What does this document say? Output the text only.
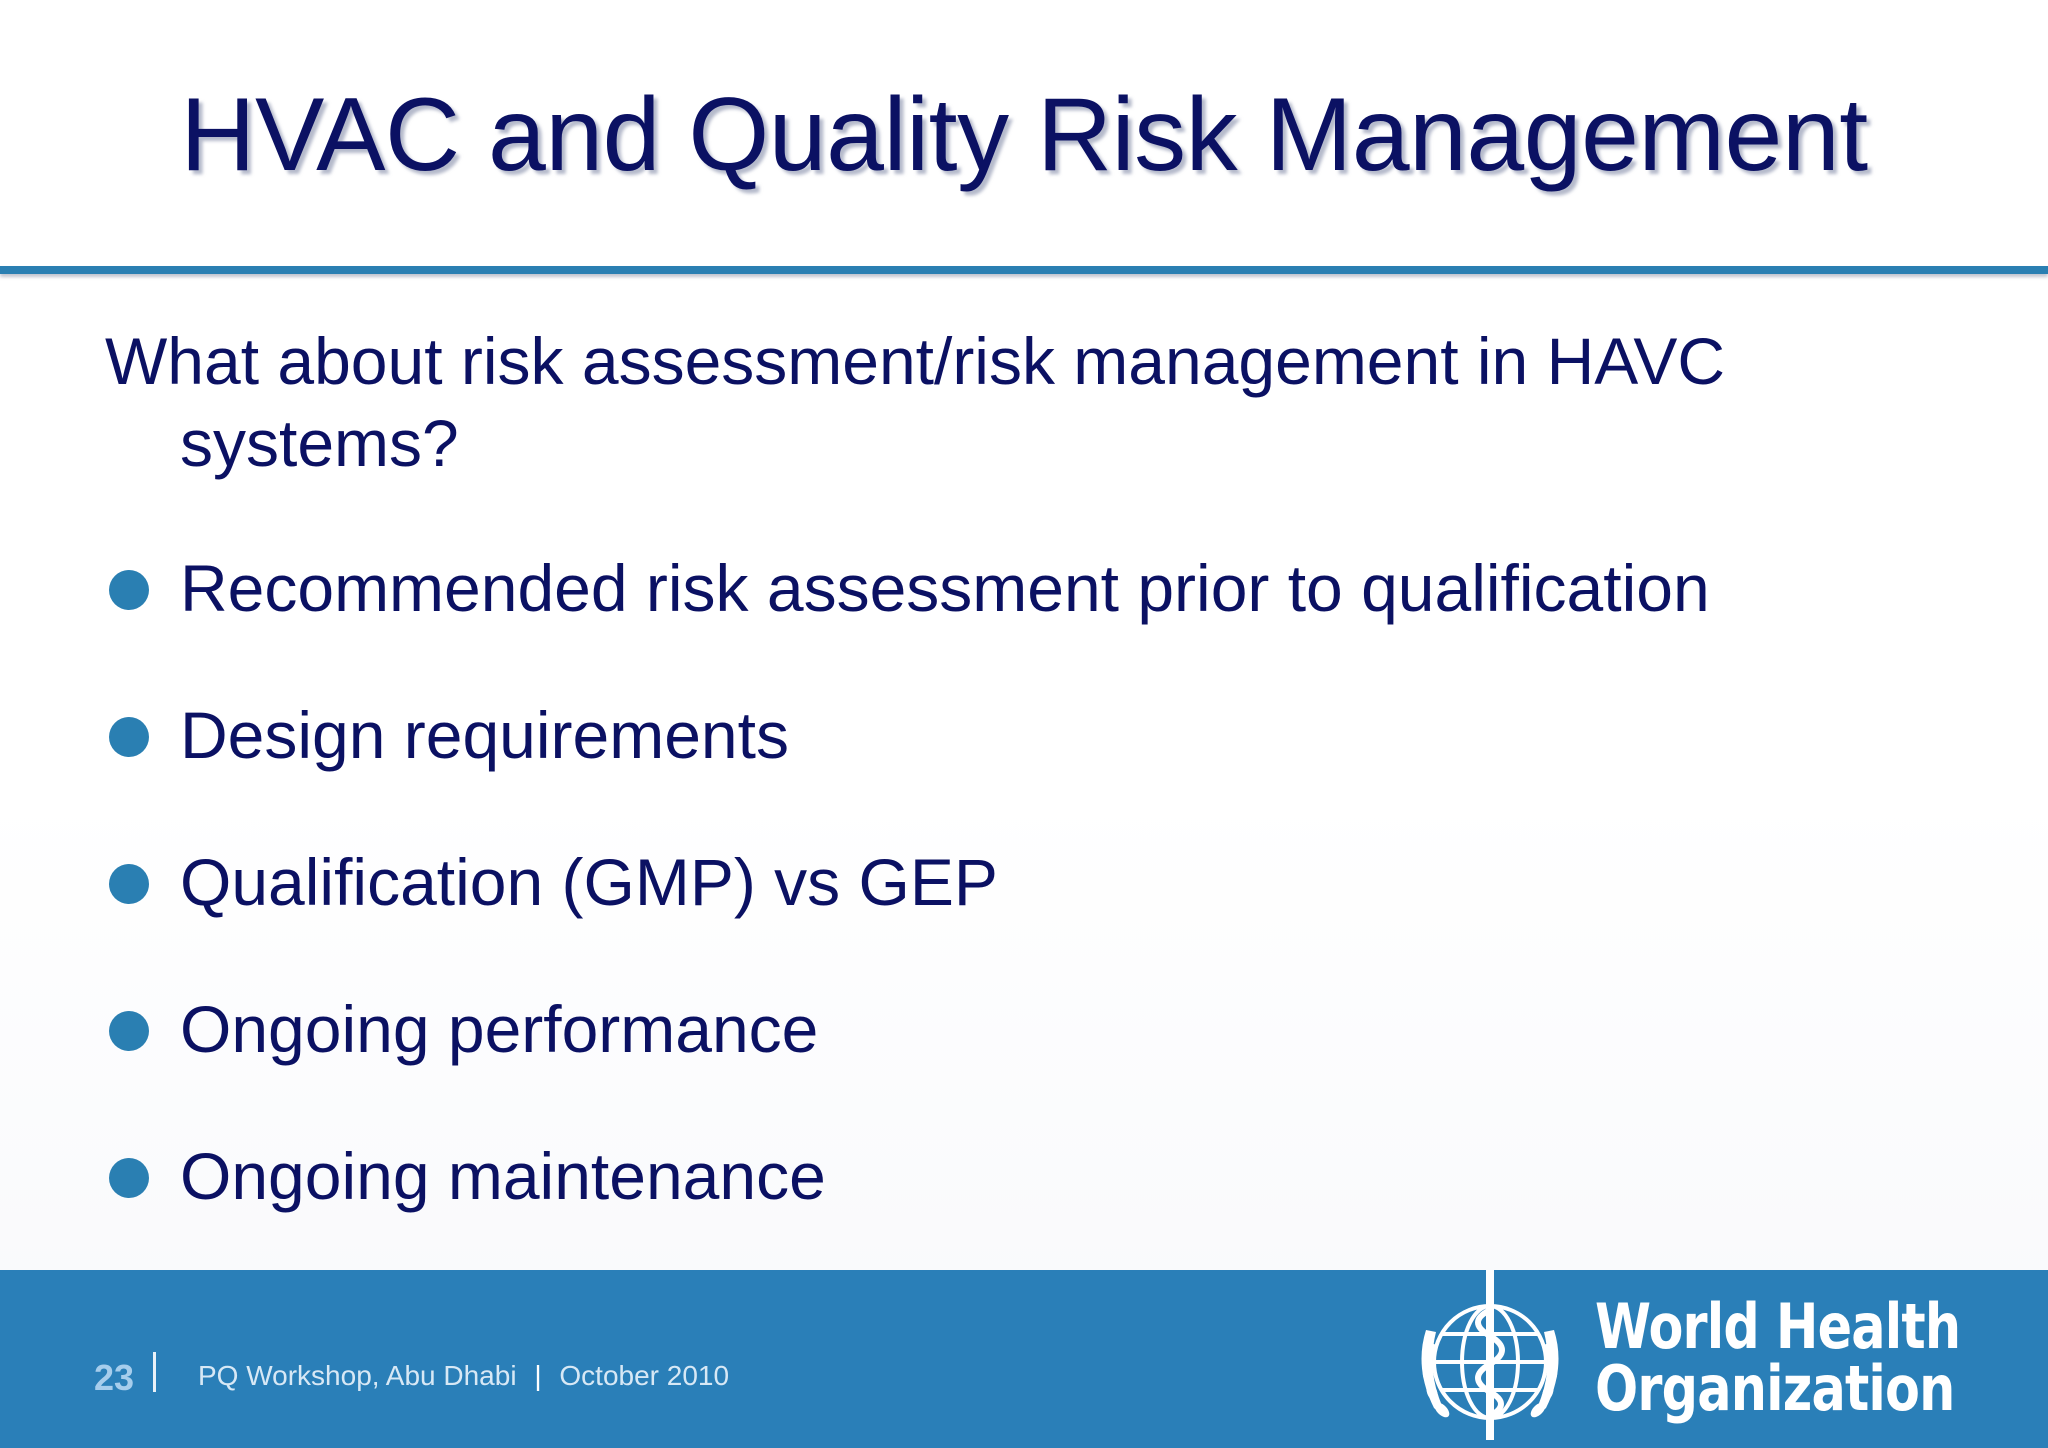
HVAC and Quality Risk Management
What about risk assessment/risk management in HAVC
systems?
Recommended risk assessment prior to qualification
Design requirements
Qualification (GMP) vs GEP
Ongoing performance
Ongoing maintenance
23 PQ Workshop, Abu Dhabi | October 2010
World Health
Organization
